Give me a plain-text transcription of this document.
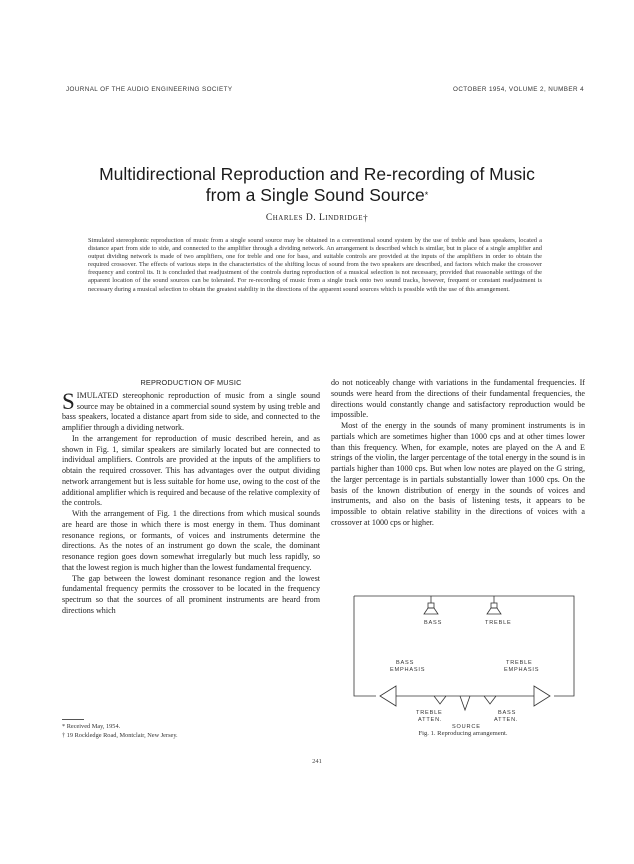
JOURNAL OF THE AUDIO ENGINEERING SOCIETY	OCTOBER 1954, VOLUME 2, NUMBER 4
Multidirectional Reproduction and Re-recording of Music
from a Single Sound Source*
Charles D. Lindridge†
Simulated stereophonic reproduction of music from a single sound source may be obtained in a conventional sound system by the use of treble and bass speakers, located a distance apart from side to side, and connected to the amplifier through a dividing network. An arrangement is described which is similar, but in place of a single amplifier and output dividing network is made of two amplifiers, one for treble and one for bass, and suitable controls are provided at the inputs of the amplifiers in order to obtain the required crossover. The effects of various steps in the characteristics of the shifting locus of sound from the two speakers are described, and factors which make the crossover frequency and control its. It is concluded that readjustment of the controls during reproduction of a musical selection is not necessary, provided that reasonable settings of the apparent location of the sound sources can be tolerated. For re-recording of music from a single track onto two sound tracks, however, frequent or constant readjustment is necessary during a musical selection to obtain the greatest stability in the directions of the apparent sound sources which is possible with the use of this arrangement.
REPRODUCTION OF MUSIC

SIMULATED stereophonic reproduction of music from a single sound source may be obtained in a commercial sound system by using treble and bass speakers, located a distance apart from side to side, and connected to the amplifier through a dividing network.

In the arrangement for reproduction of music described herein, and as shown in Fig. 1, similar speakers are similarly located but are connected to individual amplifiers. Controls are provided at the inputs of the amplifiers to obtain the required crossover. This has advantages over the output dividing network arrangement but is less suitable for home use, owing to the cost of the additional amplifier which is required and because of the relative complexity of the controls.

With the arrangement of Fig. 1 the directions from which musical sounds are heard are those in which there is most energy in them. Thus dominant resonance regions, or formants, of voices and instruments determine the directions. As the notes of an instrument go down the scale, the dominant resonance region goes down somewhat irregularly but much less rapidly, so that the lowest region is much higher than the lowest fundamental frequency.

The gap between the lowest dominant resonance region and the lowest fundamental frequency permits the crossover to be located in the frequency spectrum so that the sources of all prominent instruments are heard from directions which

do not noticeably change with variations in the fundamental frequencies. If sounds were heard from the directions of their fundamental frequencies, the directions would constantly change and satisfactory reproduction would be impossible.

Most of the energy in the sounds of many prominent instruments is in partials which are sometimes higher than 1000 cps and at other times lower than this frequency. When, for example, notes are played on the A and E strings of the violin, the larger percentage of the total energy in the sound is in partials higher than 1000 cps. But when low notes are played on the G string, the larger percentage is in partials substantially lower than 1000 cps. On the basis of the known distribution of energy in the sounds of voices and instruments, and also on the basis of listening tests, it appears to be impossible to obtain relative stability in the directions of voices with a crossover at 1000 cps or higher.

* Received May, 1954.
† 19 Rockledge Road, Montclair, New Jersey.
BASS	TREBLE
BASS
EMPHASIS
TREBLE
EMPHASIS
TREBLE
ATTEN.
BASS
ATTEN.
SOURCE
Fig. 1. Reproducing arrangement.
241
